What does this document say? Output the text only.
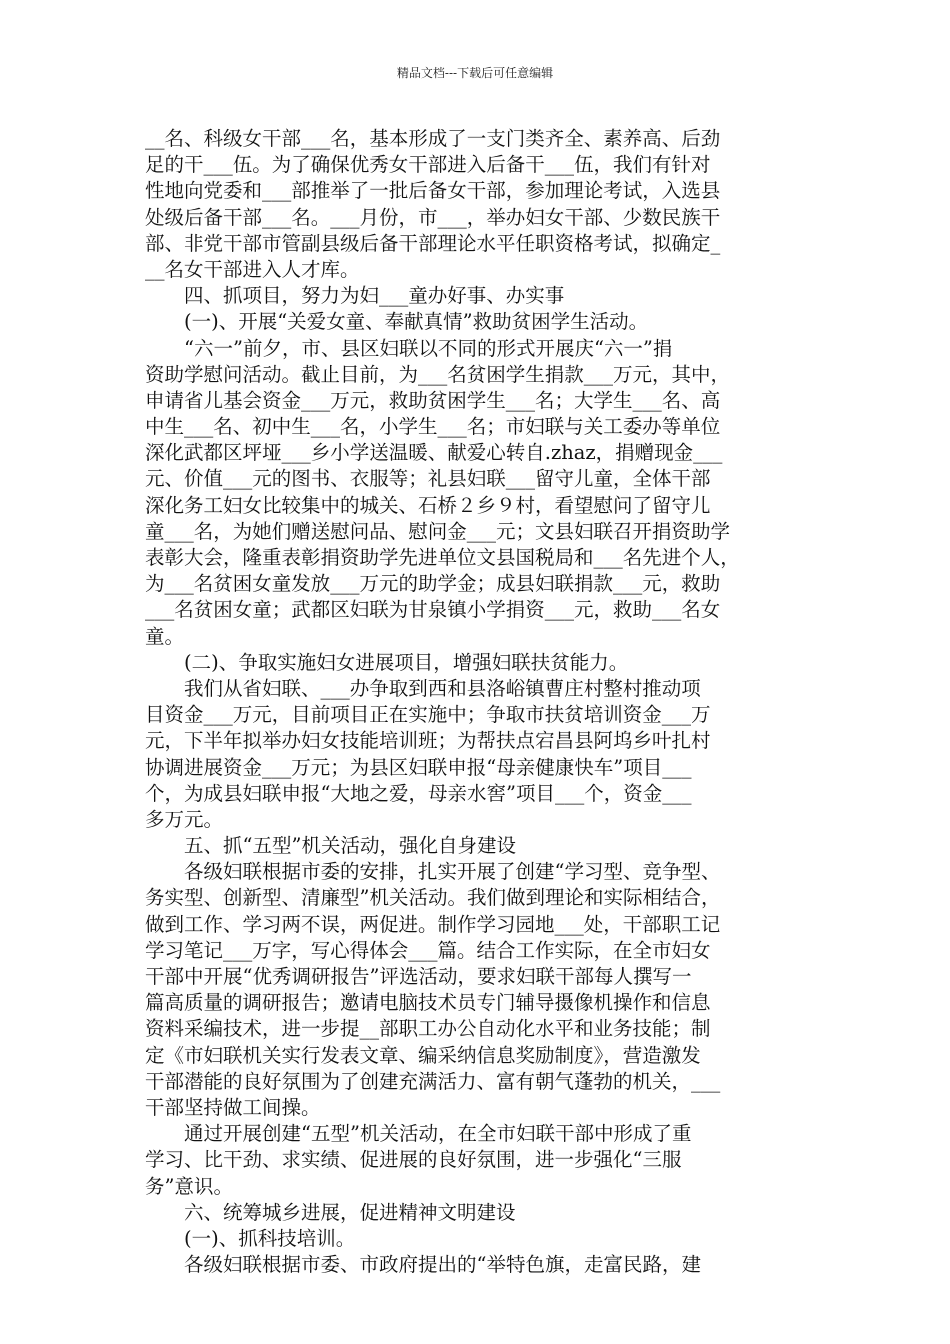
精品文档---下载后可任意编辑
__名、科级女干部___名，基本形成了一支门类齐全、素养高、后劲
足的干___伍。为了确保优秀女干部进入后备干___伍，我们有针对
性地向党委和___部推举了一批后备女干部，参加理论考试，入选县
处级后备干部___名。___月份，市___，举办妇女干部、少数民族干
部、非党干部市管副县级后备干部理论水平任职资格考试，拟确定_
__名女干部进入人才库。
　　四、抓项目，努力为妇___童办好事、办实事
　　(一)、开展“关爱女童、奉献真情”救助贫困学生活动。
　　“六一”前夕，市、县区妇联以不同的形式开展庆“六一”捐
资助学慰问活动。截止目前，为___名贫困学生捐款___万元，其中，
申请省儿基会资金___万元，救助贫困学生___名；大学生___名、高
中生___名、初中生___名，小学生___名；市妇联与关工委办等单位
深化武都区坪垭___乡小学送温暖、献爱心转自.zhaz，捐赠现金___
元、价值___元的图书、衣服等；礼县妇联___留守儿童，全体干部
深化务工妇女比较集中的城关、石桥２乡９村，看望慰问了留守儿
童___名，为她们赠送慰问品、慰问金___元；文县妇联召开捐资助学
表彰大会，隆重表彰捐资助学先进单位文县国税局和___名先进个人，
为___名贫困女童发放___万元的助学金；成县妇联捐款___元，救助
___名贫困女童；武都区妇联为甘泉镇小学捐资___元，救助___名女
童。
　　(二)、争取实施妇女进展项目，增强妇联扶贫能力。
　　我们从省妇联、___办争取到西和县洛峪镇曹庄村整村推动项
目资金___万元，目前项目正在实施中；争取市扶贫培训资金___万
元，下半年拟举办妇女技能培训班；为帮扶点宕昌县阿坞乡叶扎村
协调进展资金___万元；为县区妇联申报“母亲健康快车”项目___
个，为成县妇联申报“大地之爱，母亲水窖”项目___个，资金___
多万元。
　　五、抓“五型”机关活动，强化自身建设
　　各级妇联根据市委的安排，扎实开展了创建“学习型、竞争型、
务实型、创新型、清廉型”机关活动。我们做到理论和实际相结合，
做到工作、学习两不误，两促进。制作学习园地___处，干部职工记
学习笔记___万字，写心得体会___篇。结合工作实际，在全市妇女
干部中开展“优秀调研报告”评选活动，要求妇联干部每人撰写一
篇高质量的调研报告；邀请电脑技术员专门辅导摄像机操作和信息
资料采编技术，进一步提__部职工办公自动化水平和业务技能；制
定《市妇联机关实行发表文章、编采纳信息奖励制度》，营造激发
干部潜能的良好氛围为了创建充满活力、富有朝气蓬勃的机关，___
干部坚持做工间操。
　　通过开展创建“五型”机关活动，在全市妇联干部中形成了重
学习、比干劲、求实绩、促进展的良好氛围，进一步强化“三服
务”意识。
　　六、统筹城乡进展，促进精神文明建设
　　(一)、抓科技培训。
　　各级妇联根据市委、市政府提出的“举特色旗，走富民路，建
